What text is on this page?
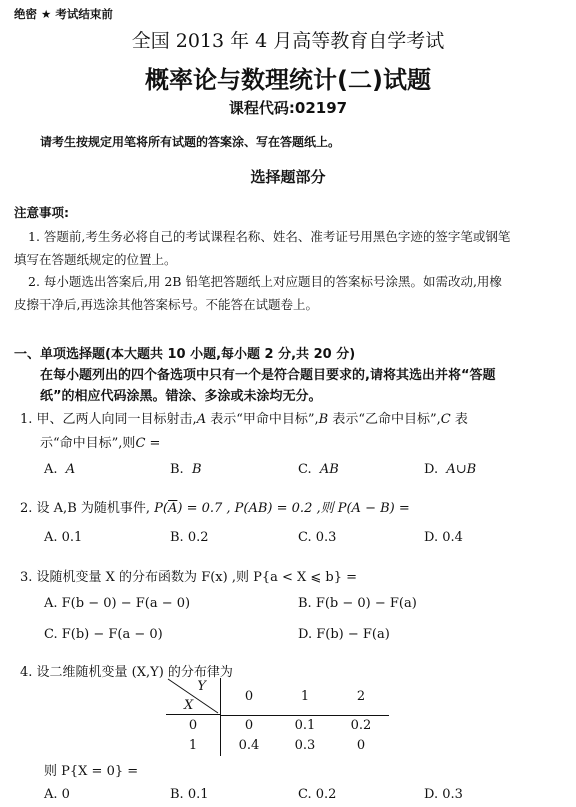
绝密 ★ 考试结束前
全国 2013 年 4 月高等教育自学考试
概率论与数理统计(二)试题
课程代码:02197
请考生按规定用笔将所有试题的答案涂、写在答题纸上。
选择题部分
注意事项:
1. 答题前,考生务必将自己的考试课程名称、姓名、准考证号用黑色字迹的签字笔或钢笔
填写在答题纸规定的位置上。
2. 每小题选出答案后,用 2B 铅笔把答题纸上对应题目的答案标号涂黑。如需改动,用橡
皮擦干净后,再选涂其他答案标号。不能答在试题卷上。
一、单项选择题(本大题共 10 小题,每小题 2 分,共 20 分)
在每小题列出的四个备选项中只有一个是符合题目要求的,请将其选出并将“答题
纸”的相应代码涂黑。错涂、多涂或未涂均无分。
1. 甲、乙两人向同一目标射击,A 表示“甲命中目标”,B 表示“乙命中目标”,C 表
示“命中目标”,则C =
A. A	B. B	C. AB	D. A∪B
2. 设 A,B 为随机事件, $P(\overline{A}) = 0.7$ , P(AB) = 0.2 ,则 P(A − B) =
A. 0.1	B. 0.2	C. 0.3	D. 0.4
3. 设随机变量 X 的分布函数为 F(x) ,则 P{a < X ⩽ b} =
A. F(b − 0) − F(a − 0)	B. F(b − 0) − F(a)
C. F(b) − F(a − 0)	D. F(b) − F(a)
4. 设二维随机变量 (X,Y) 的分布律为
Y
X	0	1	2
0	0	0.1	0.2
1	0.4	0.3	0
则 P{X = 0} =
A. 0	B. 0.1	C. 0.2	D. 0.3
